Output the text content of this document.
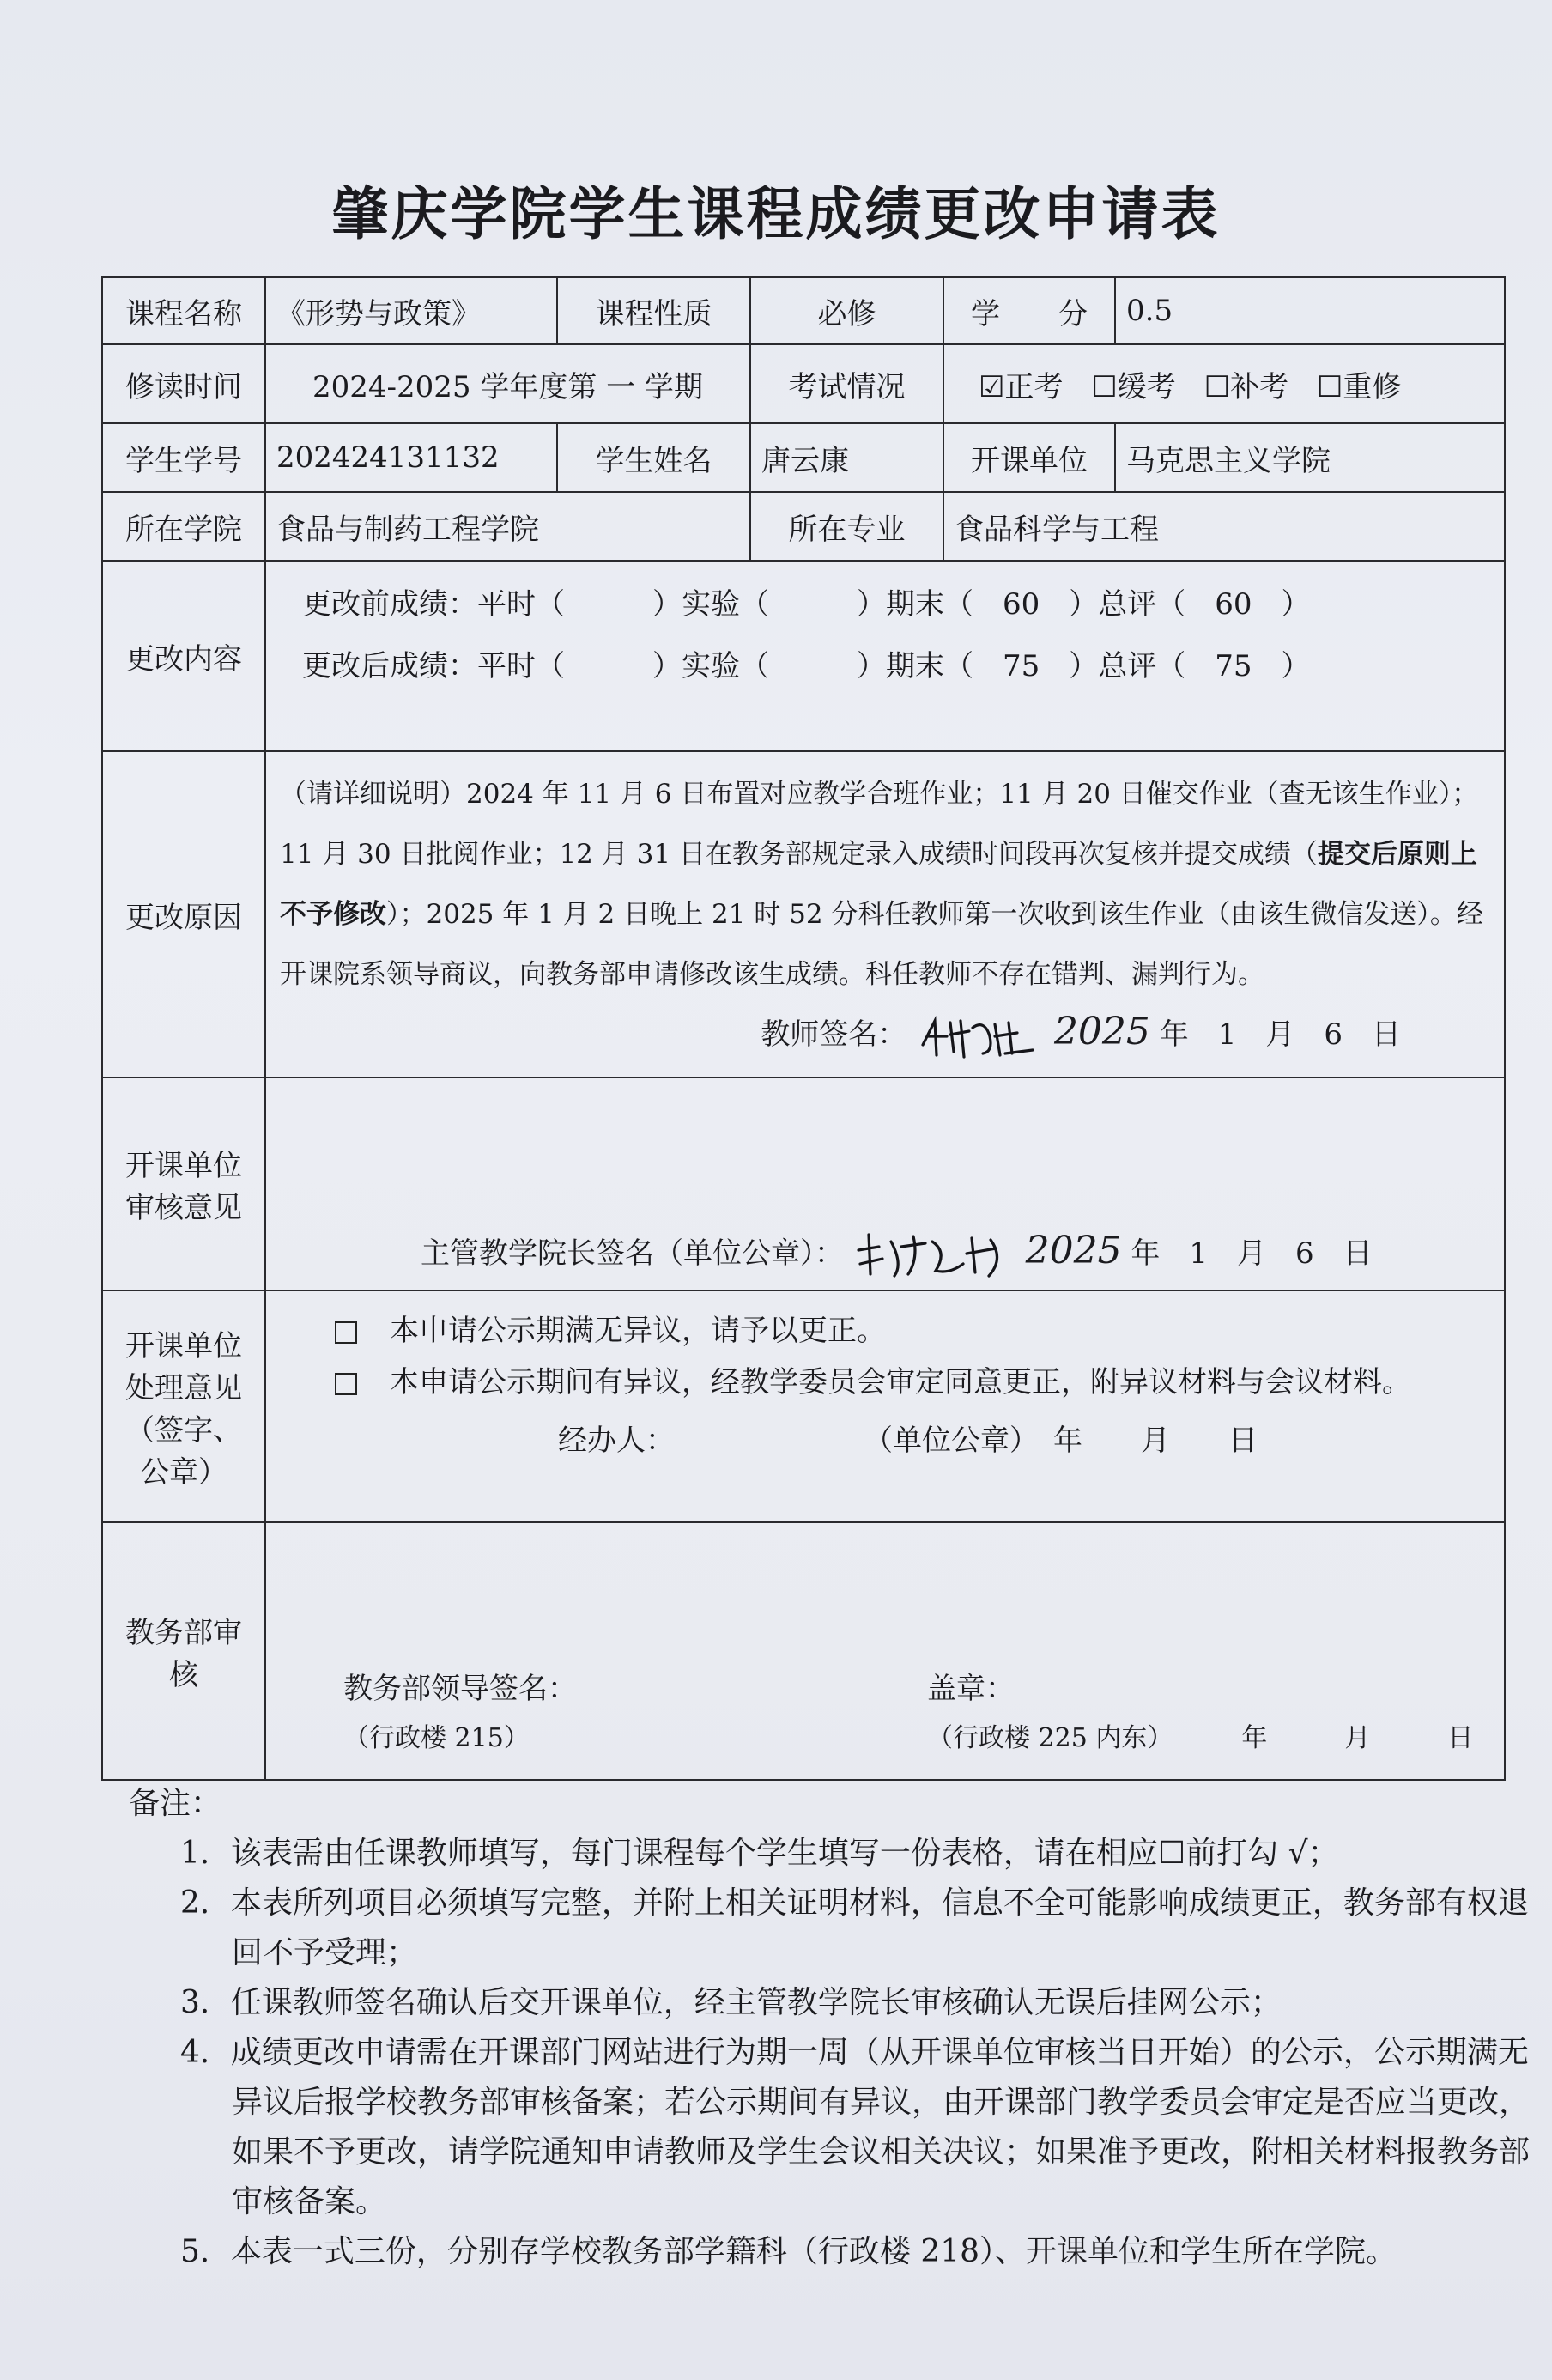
肇庆学院学生课程成绩更改申请表
课程名称	《形势与政策》	课程性质	必修	学　　分	0.5
修读时间	2024-2025 学年度第 一 学期		考试情况	☑正考 ☐缓考 ☐补考 ☐重修	
学生学号	202424131132	学生姓名	唐云康	开课单位	马克思主义学院
所在学院	食品与制药工程学院		所在专业	食品科学与工程	
更改内容	更改前成绩：平时（　　　）实验（　　　）期末（　60　）总评（　60　）
更改后成绩：平时（　　　）实验（　　　）期末（　75　）总评（　75　）				

更改原因	（请详细说明）2024 年 11 月 6 日布置对应教学合班作业；11 月 20 日催交作业（查无该生作业）；11 月 30 日批阅作业；12 月 31 日在教务部规定录入成绩时间段再次复核并提交成绩（提交后原则上不予修改）；2025 年 1 月 2 日晚上 21 时 52 分科任教师第一次收到该生作业（由该生微信发送）。经开课院系领导商议，向教务部申请修改该生成绩。科任教师不存在错判、漏判行为。
教师签名： 2025 年　1　月　6　日				

开课单位审核意见	主管教学院长签名（单位公章）： 2025 年　1　月　6　日				
开课单位处理意见（签字、公章）	
　本申请公示期满无异议，请予以更正。
　本申请公示期间有异议，经教学委员会审定同意更正，附异议材料与会议材料。
经办人： （单位公章）　年　　月　　日				

教务部审核	教务部领导签名：
（行政楼 215）
盖章：
（行政楼 225 内东） 年　　　月　　　日				
备注：
1．该表需由任课教师填写，每门课程每个学生填写一份表格，请在相应☐前打勾 √；
2．本表所列项目必须填写完整，并附上相关证明材料，信息不全可能影响成绩更正，教务部有权退回不予受理；
3．任课教师签名确认后交开课单位，经主管教学院长审核确认无误后挂网公示；
4．成绩更改申请需在开课部门网站进行为期一周（从开课单位审核当日开始）的公示，公示期满无异议后报学校教务部审核备案；若公示期间有异议，由开课部门教学委员会审定是否应当更改，如果不予更改，请学院通知申请教师及学生会议相关决议；如果准予更改，附相关材料报教务部审核备案。
5．本表一式三份，分别存学校教务部学籍科（行政楼 218）、开课单位和学生所在学院。
